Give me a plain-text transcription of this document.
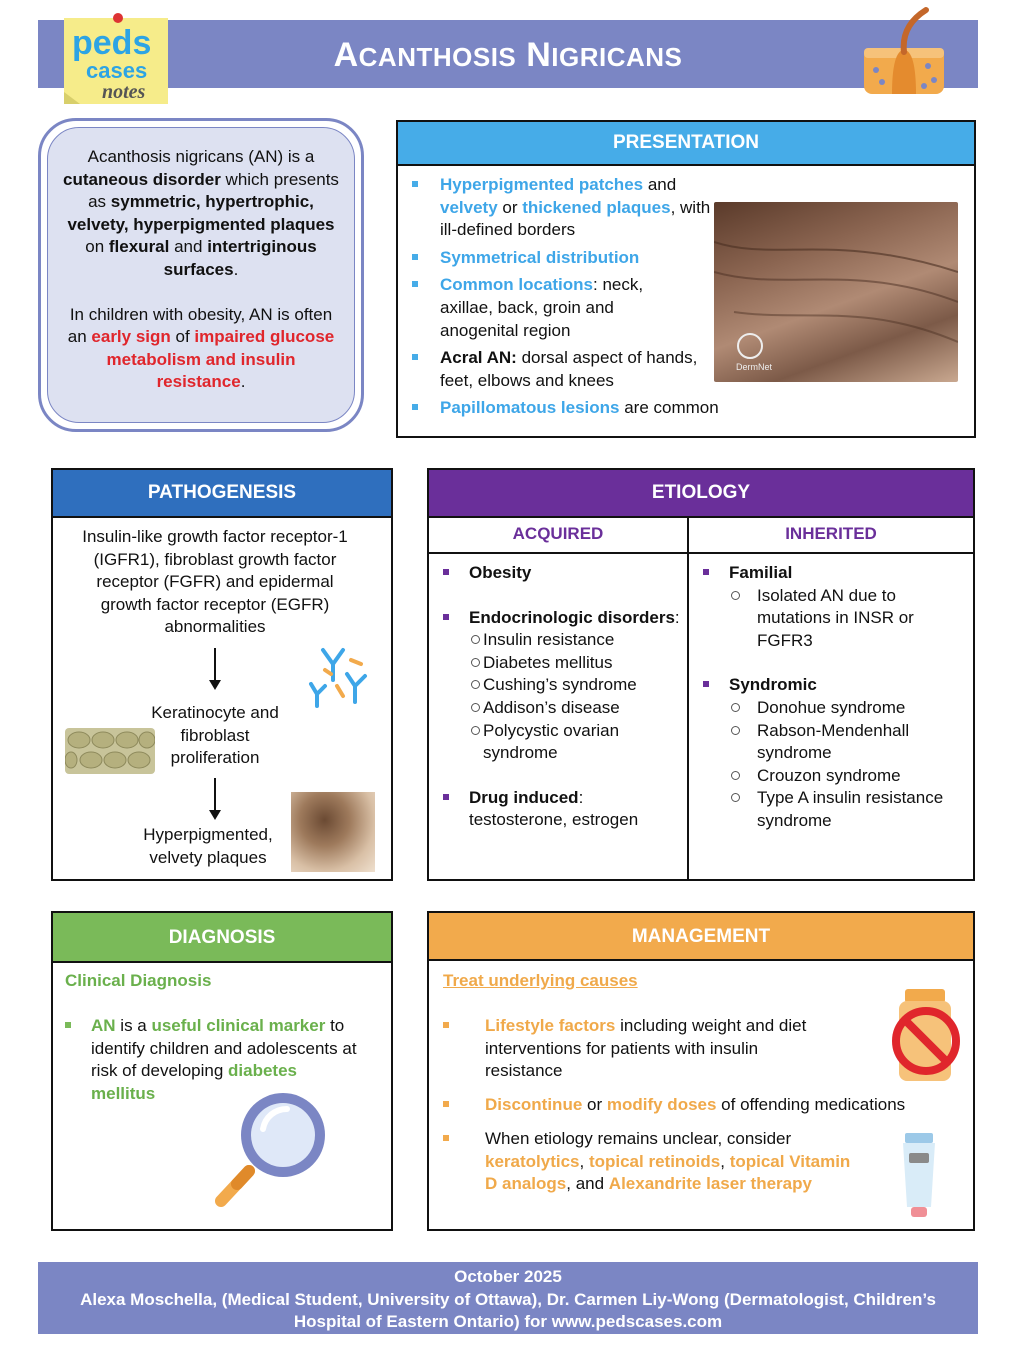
ACANTHOSIS NIGRICANS
peds
cases
notes
Acanthosis nigricans (AN) is a cutaneous disorder which presents as symmetric, hypertrophic, velvety, hyperpigmented plaques on flexural and intertriginous surfaces.
In children with obesity, AN is often an early sign of impaired glucose metabolism and insulin resistance.
PRESENTATION
DermNet
Hyperpigmented patches and velvety or thickened plaques, with ill-defined borders
Symmetrical distribution
Common locations: neck, axillae, back, groin and anogenital region
Acral AN: dorsal aspect of hands, feet, elbows and knees
Papillomatous lesions are common
PATHOGENESIS
Insulin-like growth factor receptor-1 (IGFR1), fibroblast growth factor receptor (FGFR) and epidermal growth factor receptor (EGFR) abnormalities
Keratinocyte and fibroblast proliferation
Hyperpigmented, velvety plaques
ETIOLOGY
ACQUIRED	INHERITED
Obesity
Endocrinologic disorders:
Insulin resistance
Diabetes mellitus
Cushing’s syndrome
Addison’s disease
Polycystic ovarian syndrome
Drug induced:
testosterone, estrogen
Familial
Isolated AN due to mutations in INSR or FGFR3
Syndromic
Donohue syndrome
Rabson-Mendenhall syndrome
Crouzon syndrome
Type A insulin resistance syndrome
DIAGNOSIS
Clinical Diagnosis
AN is a useful clinical marker to identify children and adolescents at risk of developing diabetes mellitus
MANAGEMENT
Treat underlying causes
Lifestyle factors including weight and diet interventions for patients with insulin resistance
Discontinue or modify doses of offending medications
When etiology remains unclear, consider keratolytics, topical retinoids, topical Vitamin D analogs, and Alexandrite laser therapy
October 2025
Alexa Moschella, (Medical Student, University of Ottawa), Dr. Carmen Liy-Wong (Dermatologist, Children’s Hospital of Eastern Ontario) for www.pedscases.com
